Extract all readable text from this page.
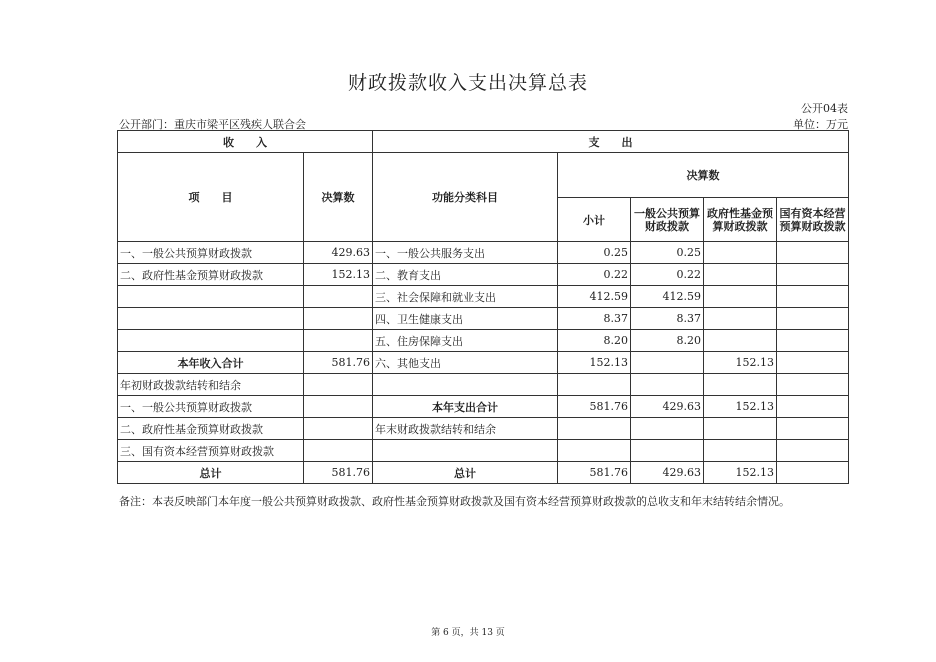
财政拨款收入支出决算总表
公开04表
公开部门：重庆市梁平区残疾人联合会	单位：万元
收　　入		支　　出				
项　　目	决算数	功能分类科目	决算数			
			小计	一般公共预算财政拨款	政府性基金预算财政拨款	国有资本经营预算财政拨款
一、一般公共预算财政拨款	429.63	一、一般公共服务支出	0.25	0.25		
二、政府性基金预算财政拨款	152.13	二、教育支出	0.22	0.22		
		三、社会保障和就业支出	412.59	412.59		
		四、卫生健康支出	8.37	8.37		
		五、住房保障支出	8.20	8.20		
本年收入合计	581.76	六、其他支出	152.13		152.13	
年初财政拨款结转和结余						
一、一般公共预算财政拨款		本年支出合计	581.76	429.63	152.13	
二、政府性基金预算财政拨款		年末财政拨款结转和结余				
三、国有资本经营预算财政拨款						
总计	581.76	总计	581.76	429.63	152.13	
备注：本表反映部门本年度一般公共预算财政拨款、政府性基金预算财政拨款及国有资本经营预算财政拨款的总收支和年末结转结余情况。
第 6 页，共 13 页
